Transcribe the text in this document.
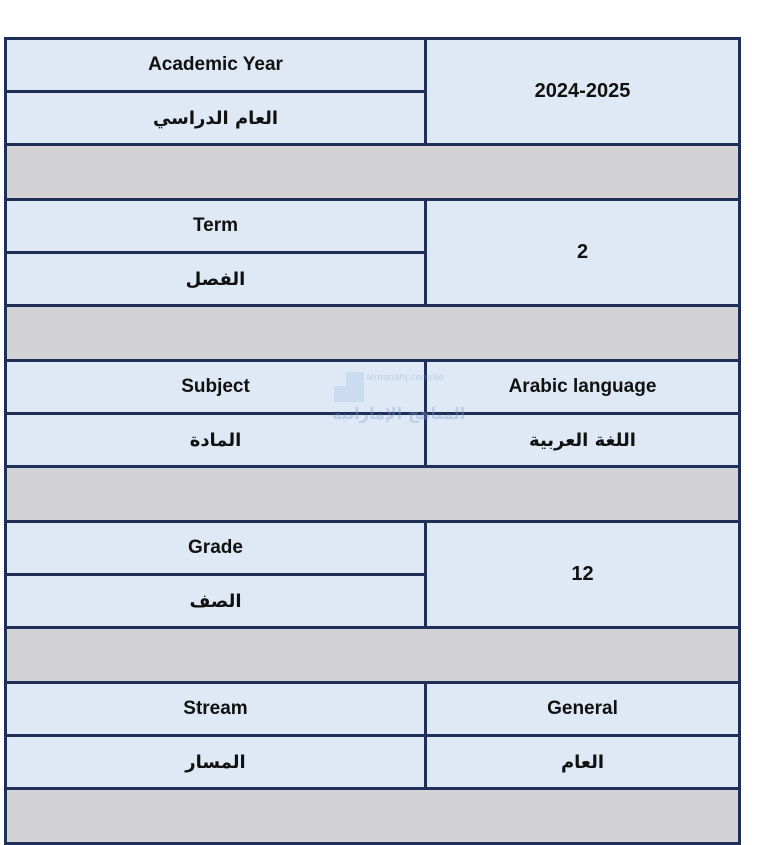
Academic Year	2024-2025
العام الدراسي	

Term	2
الفصل	

Subject	Arabic language
المادة	اللغة العربية

Grade	12
الصف	

Stream	General
المسار	العام

almanahj.com/ae
المناهج الإماراتية
